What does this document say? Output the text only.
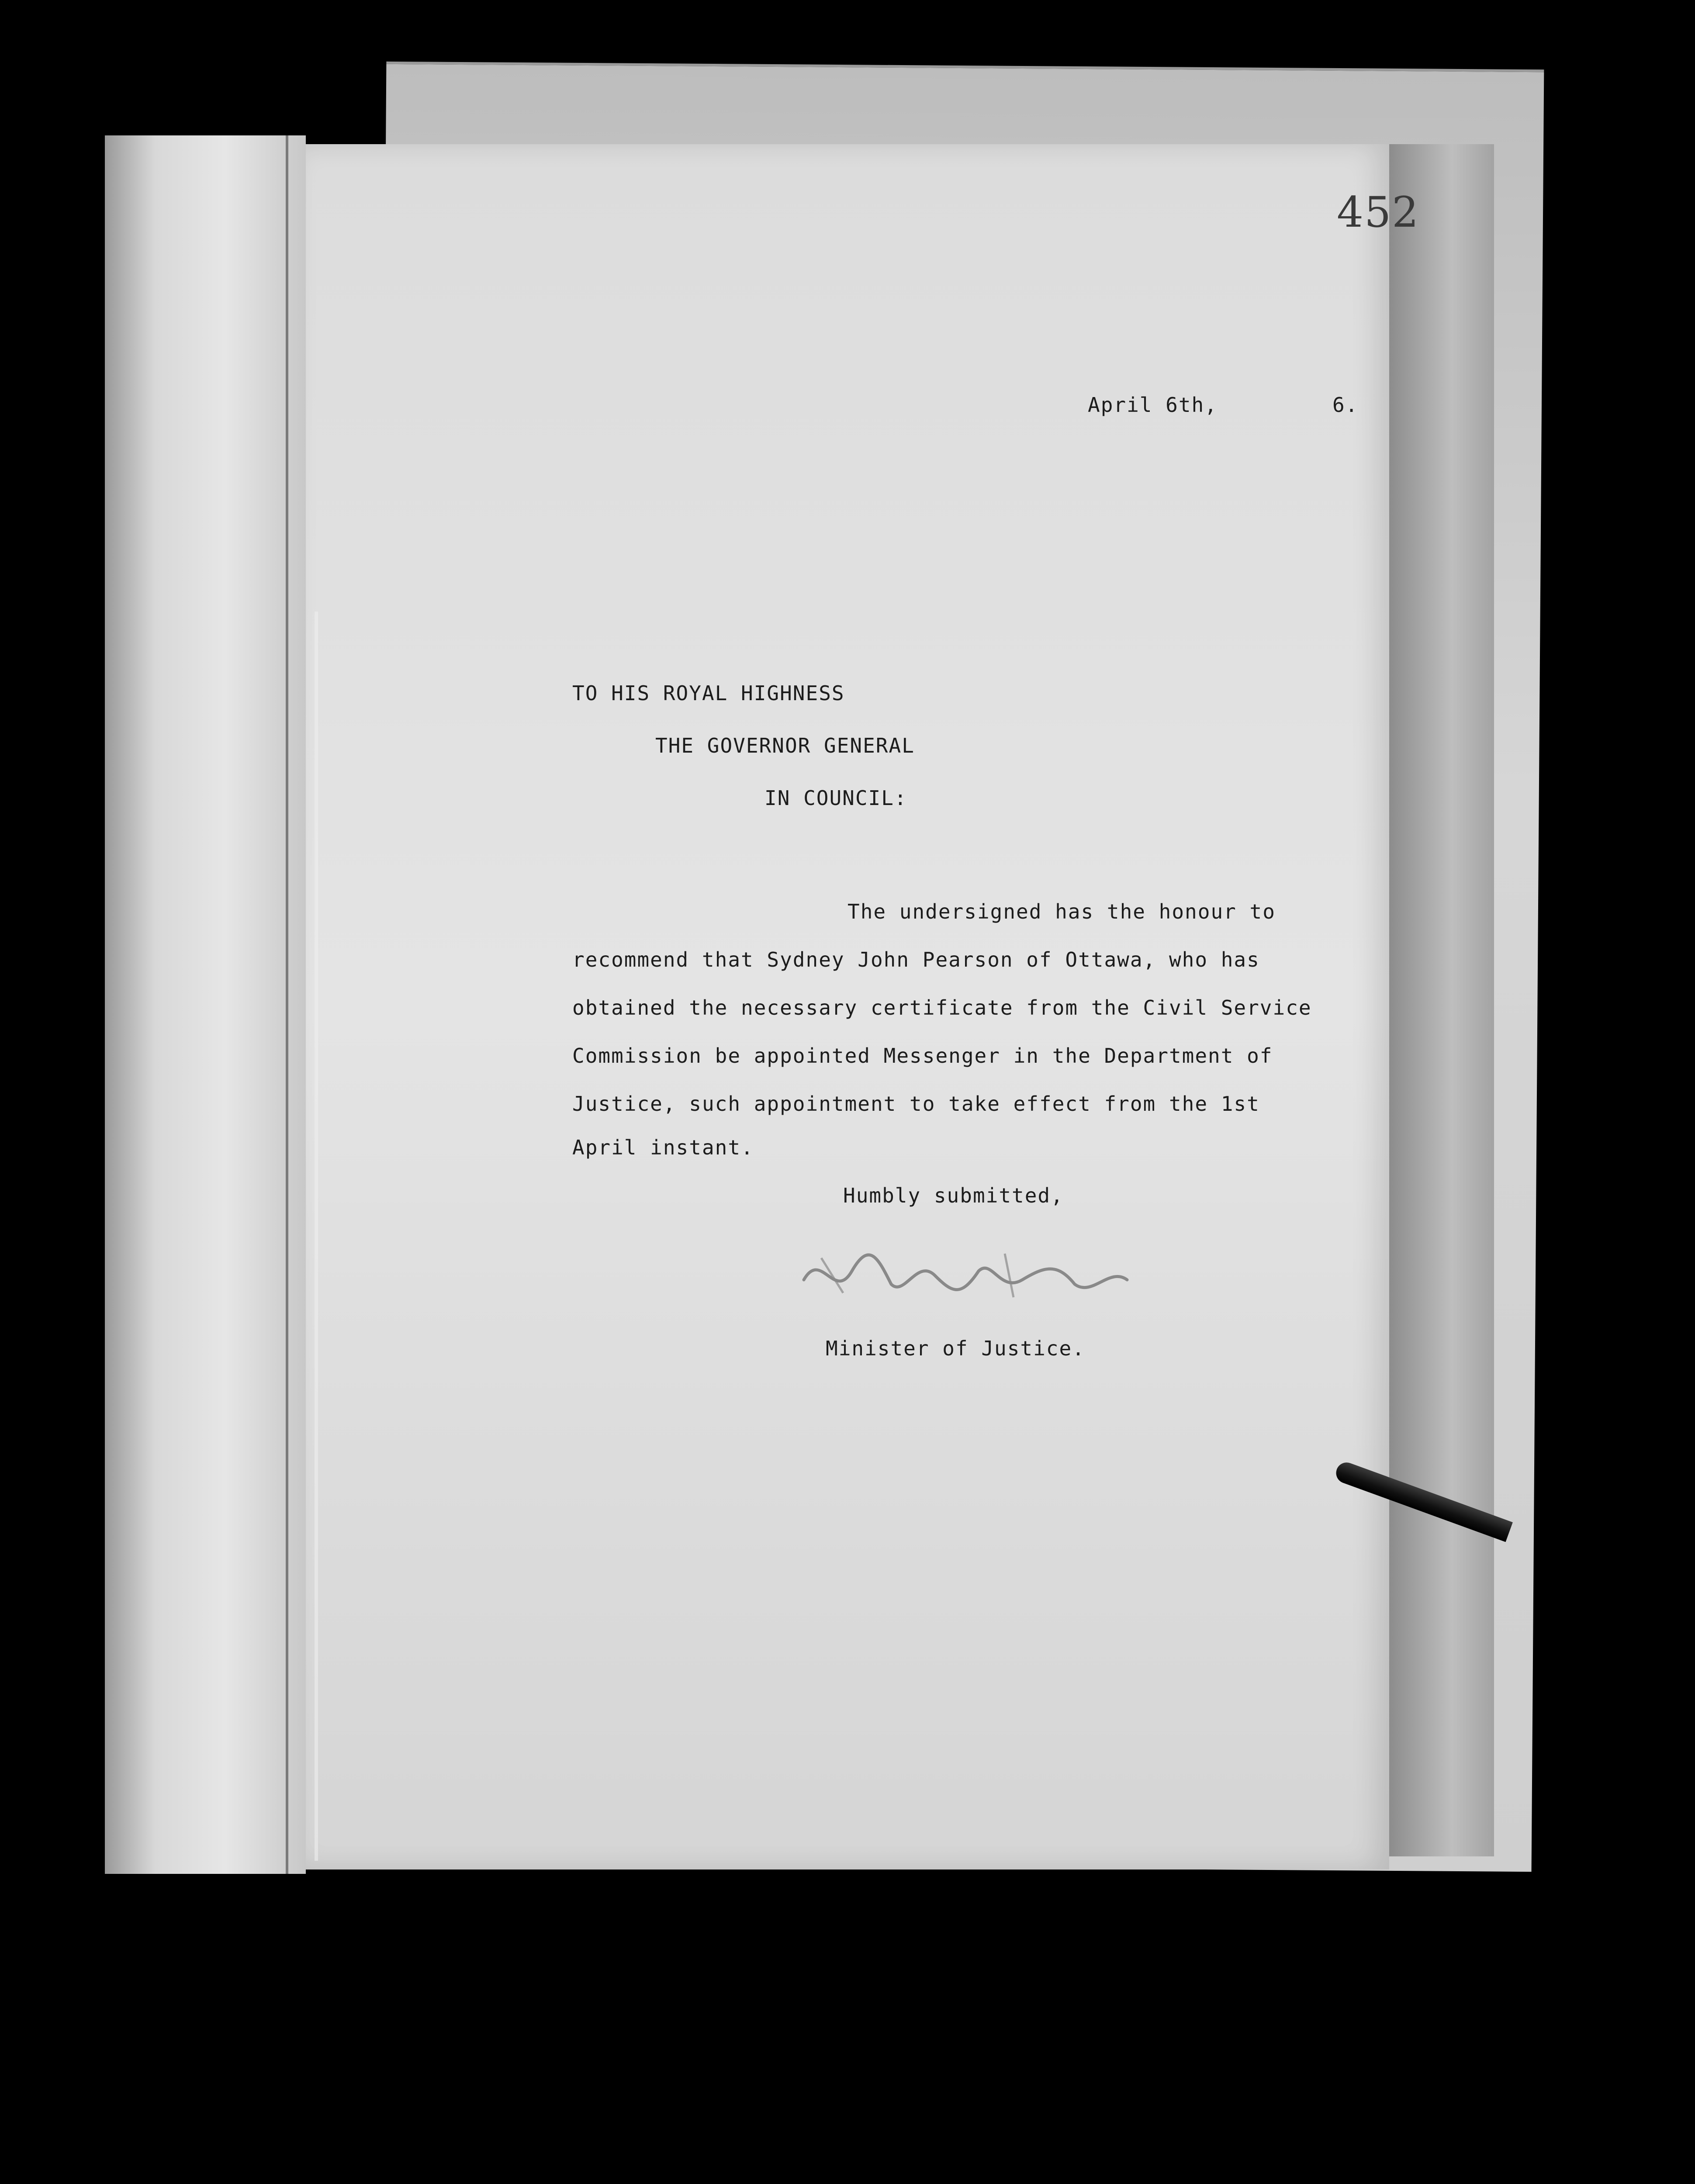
452
April 6th,	6.
TO HIS ROYAL HIGHNESS
THE GOVERNOR GENERAL
IN COUNCIL:
The undersigned has the honour to
recommend that Sydney John Pearson of Ottawa, who has
obtained the necessary certificate from the Civil Service
Commission be appointed Messenger in the Department of
Justice, such appointment to take effect from the 1st
April instant.
Humbly submitted,
Minister of Justice.
